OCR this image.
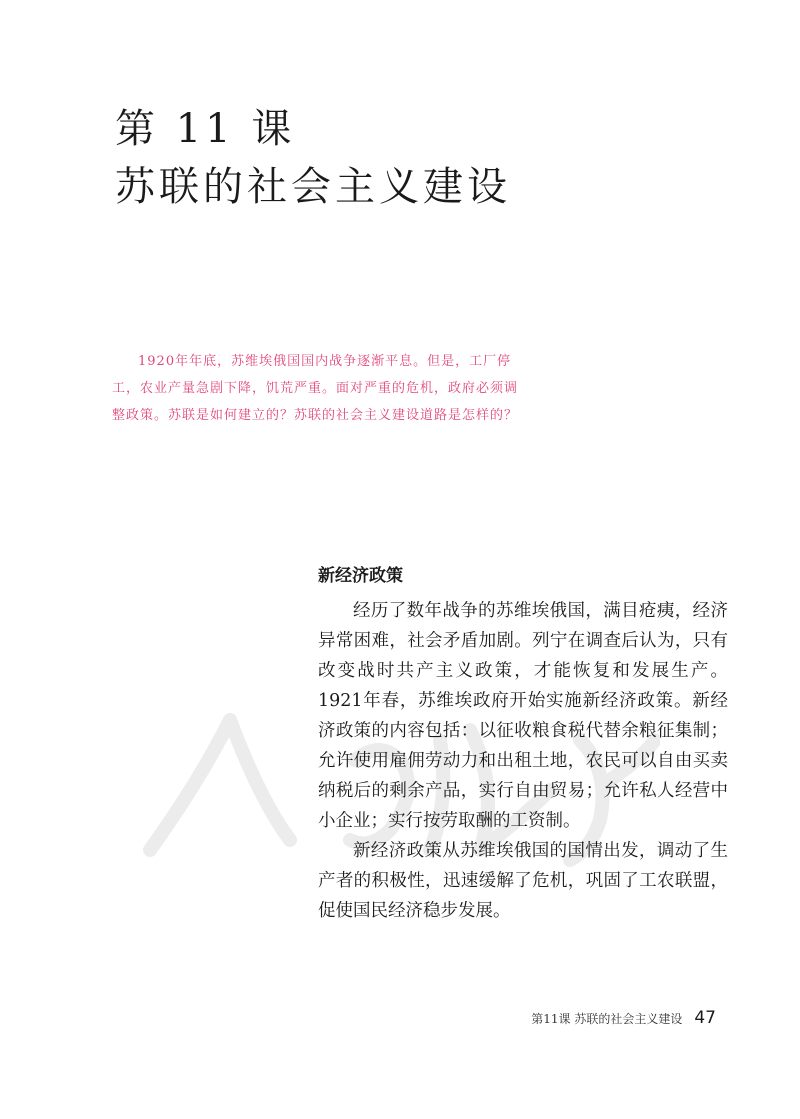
第 11 课
苏联的社会主义建设

1920年年底，苏维埃俄国国内战争逐渐平息。但是，工厂停工，农业产量急剧下降，饥荒严重。面对严重的危机，政府必须调整政策。苏联是如何建立的？苏联的社会主义建设道路是怎样的？

新经济政策

经历了数年战争的苏维埃俄国，满目疮痍，经济异常困难，社会矛盾加剧。列宁在调查后认为，只有改变战时共产主义政策，才能恢复和发展生产。1921年春，苏维埃政府开始实施新经济政策。新经济政策的内容包括：以征收粮食税代替余粮征集制；允许使用雇佣劳动力和出租土地，农民可以自由买卖纳税后的剩余产品，实行自由贸易；允许私人经营中小企业；实行按劳取酬的工资制。

新经济政策从苏维埃俄国的国情出发，调动了生产者的积极性，迅速缓解了危机，巩固了工农联盟，促使国民经济稳步发展。

第11课 苏联的社会主义建设 47
